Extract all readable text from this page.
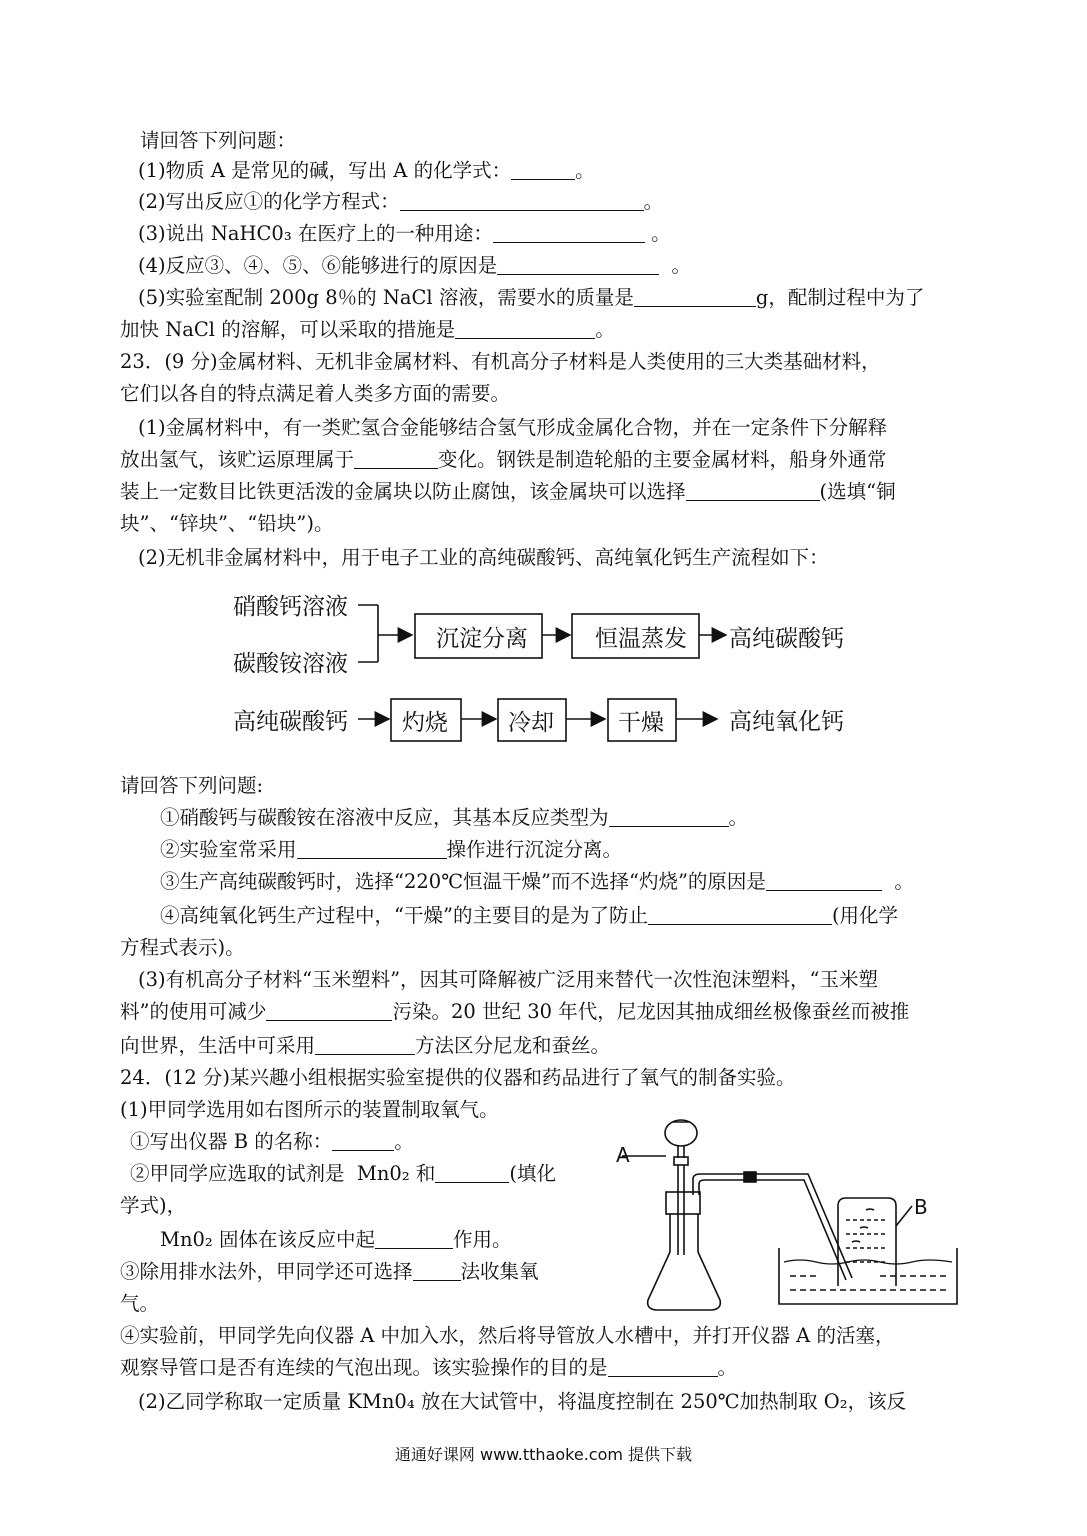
请回答下列问题：
(1)物质 A 是常见的碱，写出 A 的化学式：	。
(2)写出反应①的化学方程式：	。
(3)说出 NaHC0₃ 在医疗上的一种用途：	。
(4)反应③、④、⑤、⑥能够进行的原因是	。
(5)实验室配制 200g 8％的 NaCl 溶液，需要水的质量是	g，配制过程中为了
加快 NaCl 的溶解，可以采取的措施是	。
23．(9 分)金属材料、无机非金属材料、有机高分子材料是人类使用的三大类基础材料，
它们以各自的特点满足着人类多方面的需要。
(1)金属材料中，有一类贮氢合金能够结合氢气形成金属化合物，并在一定条件下分解释
放出氢气，该贮运原理属于	变化。钢铁是制造轮船的主要金属材料，船身外通常
装上一定数目比铁更活泼的金属块以防止腐蚀，该金属块可以选择	(选填“铜
块”、“锌块”、“铅块”)。
(2)无机非金属材料中，用于电子工业的高纯碳酸钙、高纯氧化钙生产流程如下：
硝酸钙溶液
碳酸铵溶液
沉淀分离	恒温蒸发 高纯碳酸钙
高纯碳酸钙 灼烧	冷却	干燥	高纯氧化钙
请回答下列问题:
①硝酸钙与碳酸铵在溶液中反应，其基本反应类型为	。
②实验室常采用	操作进行沉淀分离。
③生产高纯碳酸钙时，选择“220℃恒温干燥”而不选择“灼烧”的原因是	。
④高纯氧化钙生产过程中，“干燥”的主要目的是为了防止	(用化学
方程式表示)。
(3)有机高分子材料“玉米塑料”，因其可降解被广泛用来替代一次性泡沫塑料，“玉米塑
料”的使用可减少	污染。20 世纪 30 年代，尼龙因其抽成细丝极像蚕丝而被推
向世界，生活中可采用	方法区分尼龙和蚕丝。
24．(12 分)某兴趣小组根据实验室提供的仪器和药品进行了氧气的制备实验。
(1)甲同学选用如右图所示的装置制取氧气。
①写出仪器 B 的名称：	。
②甲同学应选取的试剂是  Mn0₂ 和	(填化
学式)，
Mn0₂ 固体在该反应中起	作用。
③除用排水法外，甲同学还可选择 法收集氧
气。
④实验前，甲同学先向仪器 A 中加入水，然后将导管放人水槽中，并打开仪器 A 的活塞，
观察导管口是否有连续的气泡出现。该实验操作的目的是	。
(2)乙同学称取一定质量 KMn0₄ 放在大试管中，将温度控制在 250℃加热制取 O₂，该反
A
B
通通好课网 www.tthaoke.com 提供下载
